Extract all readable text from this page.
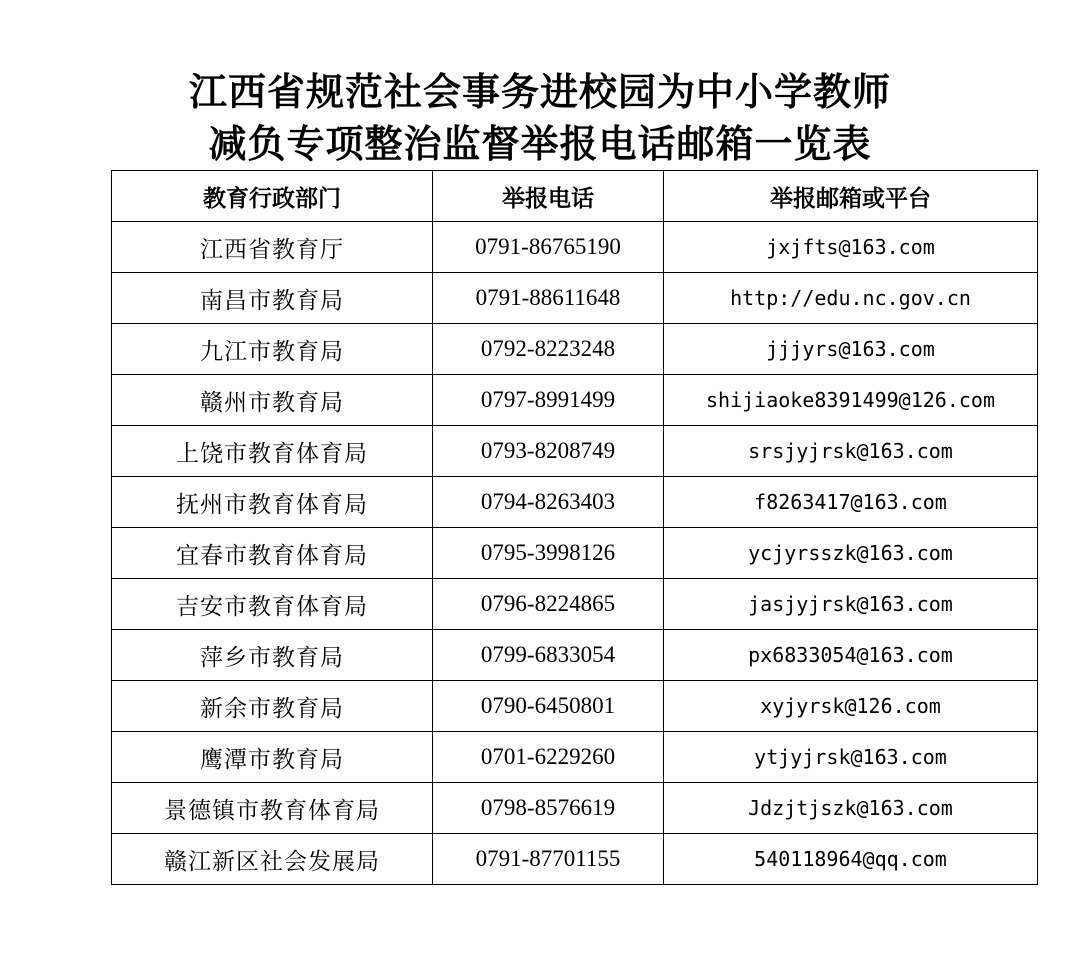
江西省规范社会事务进校园为中小学教师
减负专项整治监督举报电话邮箱一览表
教育行政部门	举报电话	举报邮箱或平台
江西省教育厅	0791-86765190	jxjfts@163.com
南昌市教育局	0791-88611648	http://edu.nc.gov.cn
九江市教育局	0792-8223248	jjjyrs@163.com
赣州市教育局	0797-8991499	shijiaoke8391499@126.com
上饶市教育体育局	0793-8208749	srsjyjrsk@163.com
抚州市教育体育局	0794-8263403	f8263417@163.com
宜春市教育体育局	0795-3998126	ycjyrsszk@163.com
吉安市教育体育局	0796-8224865	jasjyjrsk@163.com
萍乡市教育局	0799-6833054	px6833054@163.com
新余市教育局	0790-6450801	xyjyrsk@126.com
鹰潭市教育局	0701-6229260	ytjyjrsk@163.com
景德镇市教育体育局	0798-8576619	Jdzjtjszk@163.com
赣江新区社会发展局	0791-87701155	540118964@qq.com
